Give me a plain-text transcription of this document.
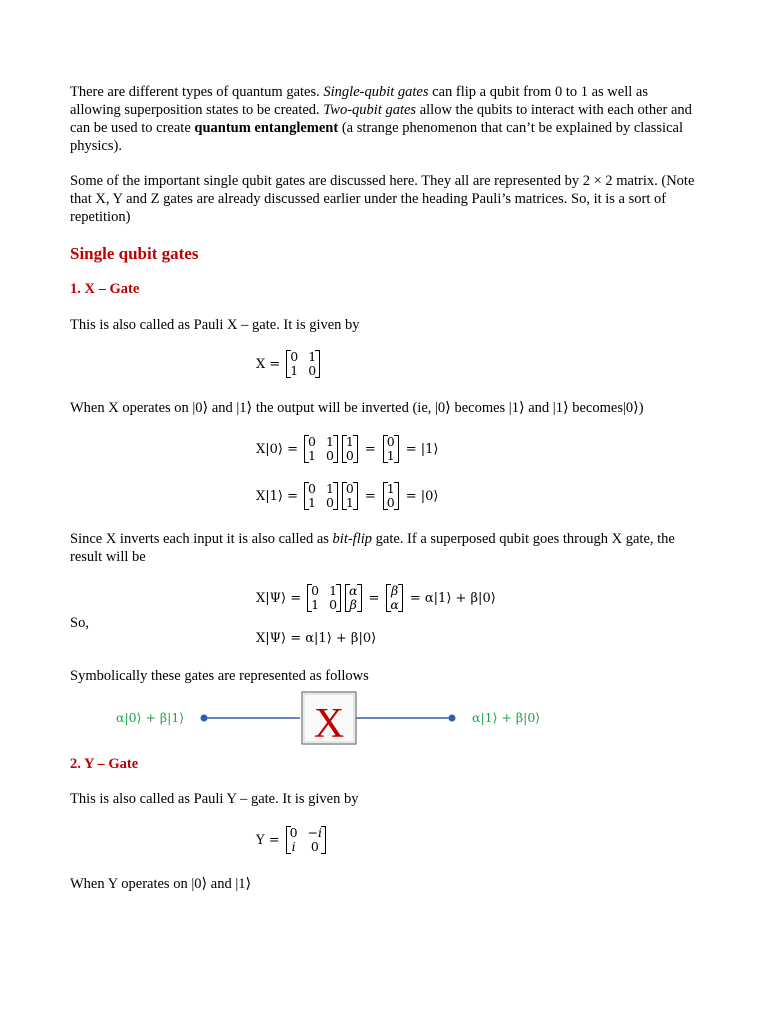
There are different types of quantum gates. Single-qubit gates can flip a qubit from 0 to 1 as well as allowing superposition states to be created. Two-qubit gates allow the qubits to interact with each other and can be used to create quantum entanglement (a strange phenomenon that can’t be explained by classical physics).

Some of the important single qubit gates are discussed here. They all are represented by 2 × 2 matrix. (Note that X, Y and Z gates are already discussed earlier under the heading Pauli’s matrices. So, it is a sort of repetition)

Single qubit gates
1. X – Gate

This is also called as Pauli X – gate. It is given by

X = 0 1
1 0

When X operates on |0⟩ and |1⟩ the output will be inverted (ie, |0⟩ becomes |1⟩ and |1⟩ becomes|0⟩)

X|0⟩ = 0 1
1 0
1
0 = 0
1 = |1⟩
X|1⟩ = 0 1
1 0
0
1 = 1
0 = |0⟩

Since X inverts each input it is also called as bit-flip gate. If a superposed qubit goes through X gate, the result will be

X|Ψ⟩ = 0 1
1 0
α
β = β
α = α|1⟩ + β|0⟩

So,

X|Ψ⟩ = α|1⟩ + β|0⟩

Symbolically these gates are represented as follows

α|0⟩ + β|1⟩	X	α|1⟩ + β|0⟩
2. Y – Gate

This is also called as Pauli Y – gate. It is given by

Y = 0 −i
i 0

When Y operates on |0⟩ and |1⟩
